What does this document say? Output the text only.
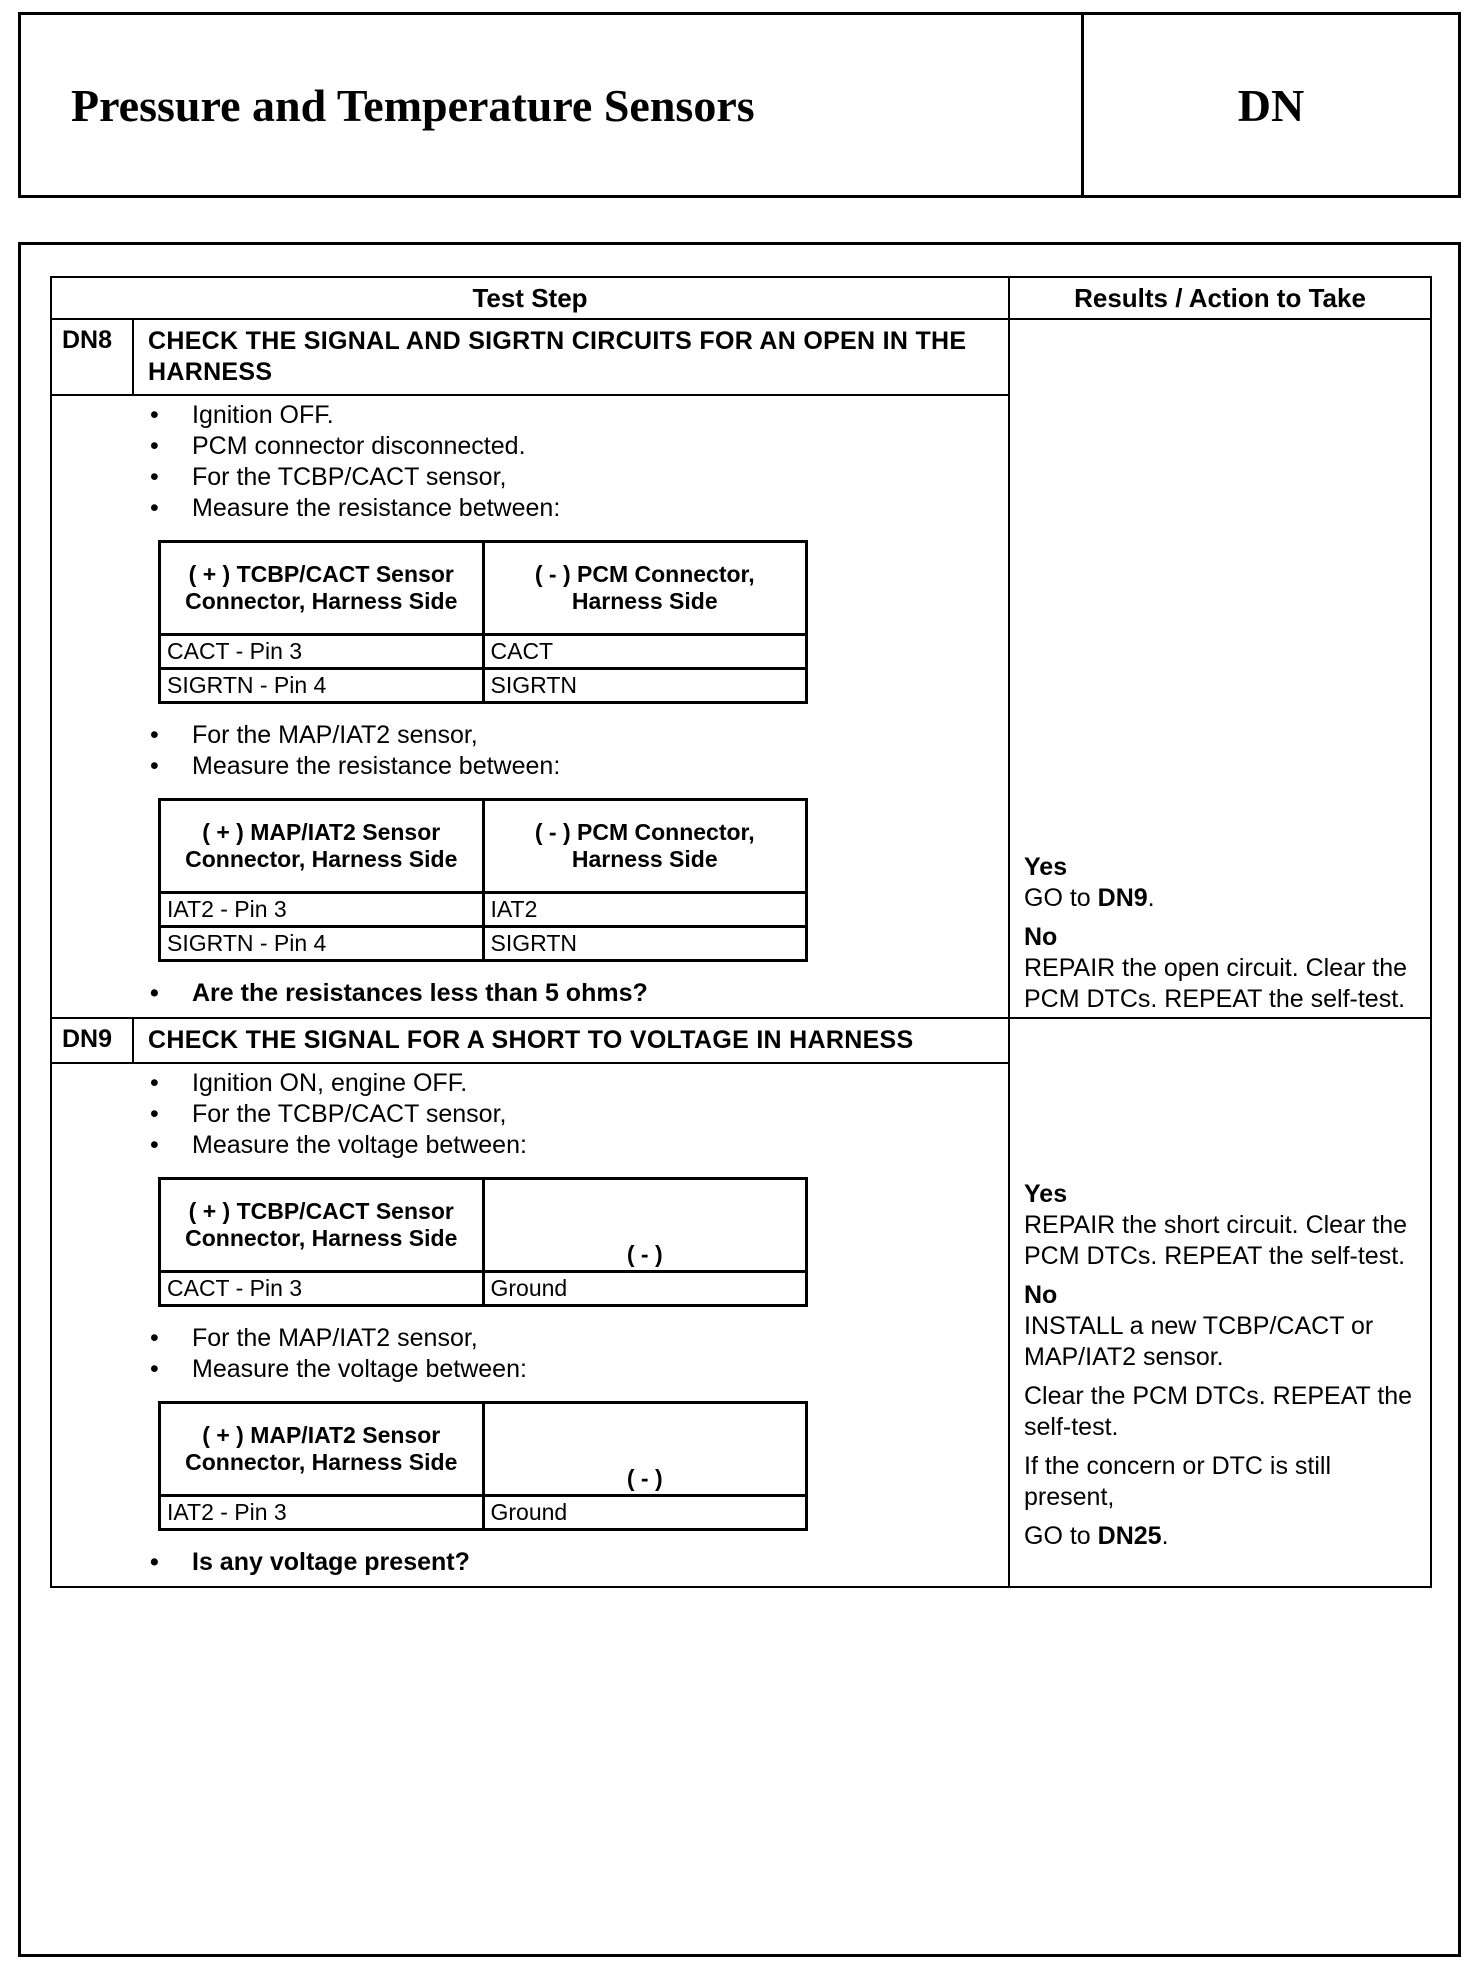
Pressure and Temperature Sensors	DN
Test Step	Results / Action to Take

DN8	CHECK THE SIGNAL AND SIGRTN CIRCUITS FOR AN OPEN IN THE HARNESS
• Ignition OFF.
• PCM connector disconnected.
• For the TCBP/CACT sensor,
• Measure the resistance between:
( + ) TCBP/CACT Sensor Connector, Harness Side	( - ) PCM Connector, Harness Side
CACT - Pin 3	CACT
SIGRTN - Pin 4	SIGRTN
• For the MAP/IAT2 sensor,
• Measure the resistance between:
( + ) MAP/IAT2 Sensor Connector, Harness Side	( - ) PCM Connector, Harness Side
IAT2 - Pin 3	IAT2
SIGRTN - Pin 4	SIGRTN
• Are the resistances less than 5 ohms?

Yes

GO to DN9.

No

REPAIR the open circuit. Clear the PCM DTCs. REPEAT the self-test.

DN9	CHECK THE SIGNAL FOR A SHORT TO VOLTAGE IN HARNESS
• Ignition ON, engine OFF.
• For the TCBP/CACT sensor,
• Measure the voltage between:
( + ) TCBP/CACT Sensor Connector, Harness Side	( - )
CACT - Pin 3	Ground
• For the MAP/IAT2 sensor,
• Measure the voltage between:
( + ) MAP/IAT2 Sensor Connector, Harness Side	( - )
IAT2 - Pin 3	Ground
• Is any voltage present?

Yes

REPAIR the short circuit. Clear the PCM DTCs. REPEAT the self-test.

No

INSTALL a new TCBP/CACT or MAP/IAT2 sensor.

Clear the PCM DTCs. REPEAT the self-test.

If the concern or DTC is still present,

GO to DN25.
